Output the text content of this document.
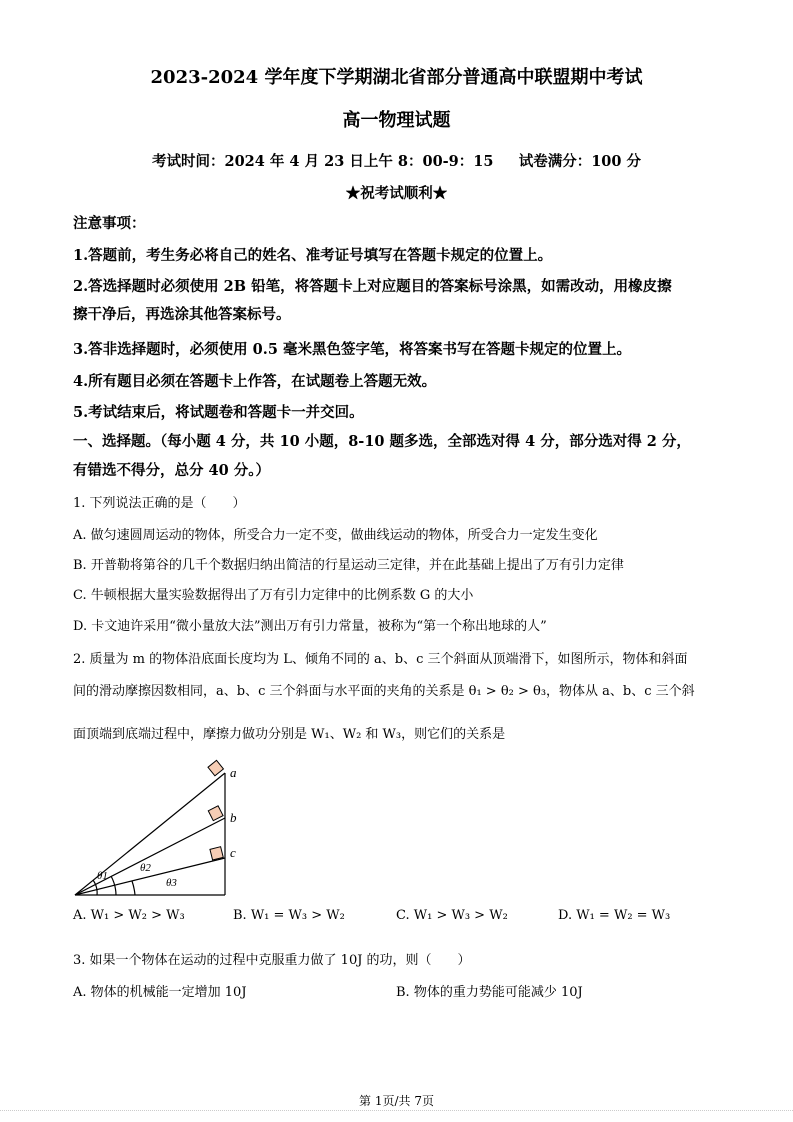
2023-2024 学年度下学期湖北省部分普通高中联盟期中考试
高一物理试题
考试时间：2024 年 4 月 23 日上午 8：00-9：15     试卷满分：100 分
★祝考试顺利★
注意事项：
1.答题前，考生务必将自己的姓名、准考证号填写在答题卡规定的位置上。
2.答选择题时必须使用 2B 铅笔，将答题卡上对应题目的答案标号涂黑，如需改动，用橡皮擦
擦干净后，再选涂其他答案标号。
3.答非选择题时，必须使用 0.5 毫米黑色签字笔，将答案书写在答题卡规定的位置上。
4.所有题目必须在答题卡上作答，在试题卷上答题无效。
5.考试结束后，将试题卷和答题卡一并交回。
一、选择题。（每小题 4 分，共 10 小题，8-10 题多选，全部选对得 4 分，部分选对得 2 分，
有错选不得分，总分 40 分。）
1. 下列说法正确的是（　　）
A. 做匀速圆周运动的物体，所受合力一定不变，做曲线运动的物体，所受合力一定发生变化
B. 开普勒将第谷的几千个数据归纳出简洁的行星运动三定律，并在此基础上提出了万有引力定律
C. 牛顿根据大量实验数据得出了万有引力定律中的比例系数 G 的大小
D. 卡文迪许采用“微小量放大法”测出万有引力常量，被称为“第一个称出地球的人”
2. 质量为 m 的物体沿底面长度均为 L、倾角不同的 a、b、c 三个斜面从顶端滑下，如图所示，物体和斜面
间的滑动摩擦因数相同，a、b、c 三个斜面与水平面的夹角的关系是 θ₁ > θ₂ > θ₃，物体从 a、b、c 三个斜
面顶端到底端过程中，摩擦力做功分别是 W₁、W₂ 和 W₃，则它们的关系是
a
b
c
θ1
θ2
θ3
A. W₁ > W₂ > W₃	B. W₁ = W₃ > W₂	C. W₁ > W₃ > W₂	D. W₁ = W₂ = W₃
3. 如果一个物体在运动的过程中克服重力做了 10J 的功，则（　　）
A. 物体的机械能一定增加 10J	B. 物体的重力势能可能减少 10J
第 1页/共 7页
